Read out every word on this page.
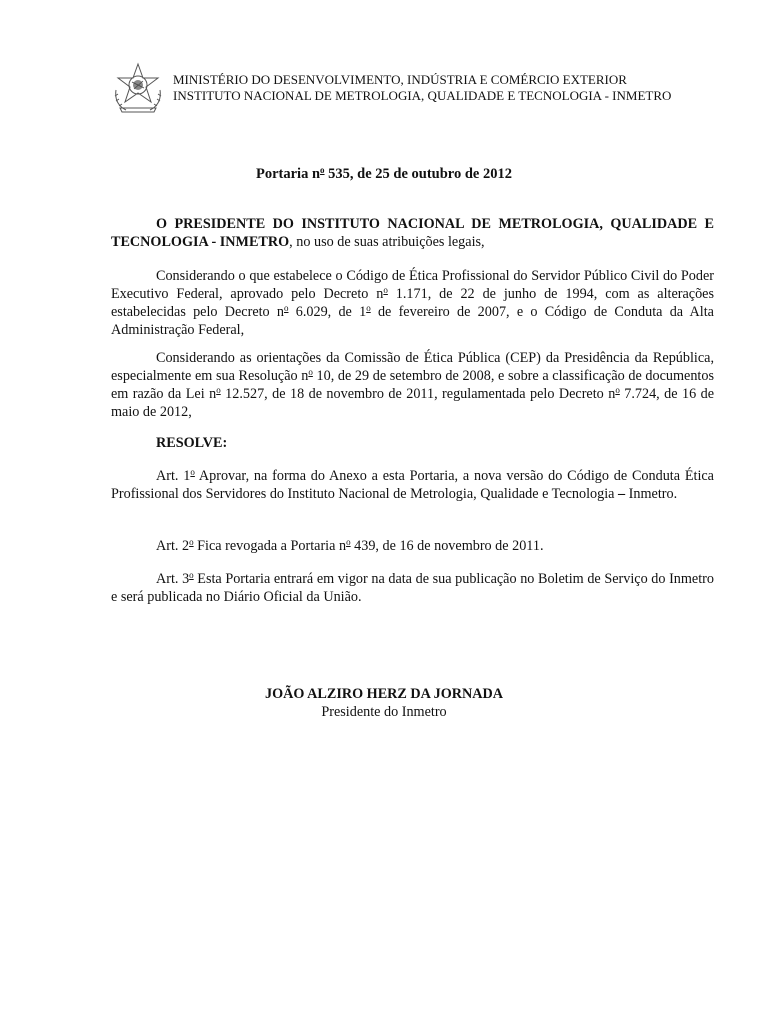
MINISTÉRIO DO DESENVOLVIMENTO, INDÚSTRIA E COMÉRCIO EXTERIOR
INSTITUTO NACIONAL DE METROLOGIA, QUALIDADE E TECNOLOGIA - INMETRO
Portaria $n^o$ 535, de 25 de outubro de 2012

O PRESIDENTE DO INSTITUTO NACIONAL DE METROLOGIA, QUALIDADE E TECNOLOGIA - INMETRO, no uso de suas atribuições legais,

Considerando o que estabelece o Código de Ética Profissional do Servidor Público Civil do Poder Executivo Federal, aprovado pelo Decreto $n^o$ 1.171, de 22 de junho de 1994, com as alterações estabelecidas pelo Decreto $n^o$ 6.029, de 1$^o$ de fevereiro de 2007, e o Código de Conduta da Alta Administração Federal,

Considerando as orientações da Comissão de Ética Pública (CEP) da Presidência da República, especialmente em sua Resolução $n^o$ 10, de 29 de setembro de 2008, e sobre a classificação de documentos em razão da Lei $n^o$ 12.527, de 18 de novembro de 2011, regulamentada pelo Decreto $n^o$ 7.724, de 16 de maio de 2012,

RESOLVE:

Art. 1$^o$ Aprovar, na forma do Anexo a esta Portaria, a nova versão do Código de Conduta Ética Profissional dos Servidores do Instituto Nacional de Metrologia, Qualidade e Tecnologia – Inmetro.

Art. 2$^o$ Fica revogada a Portaria $n^o$ 439, de 16 de novembro de 2011.

Art. 3$^o$ Esta Portaria entrará em vigor na data de sua publicação no Boletim de Serviço do Inmetro e será publicada no Diário Oficial da União.

JOÃO ALZIRO HERZ DA JORNADA
Presidente do Inmetro
